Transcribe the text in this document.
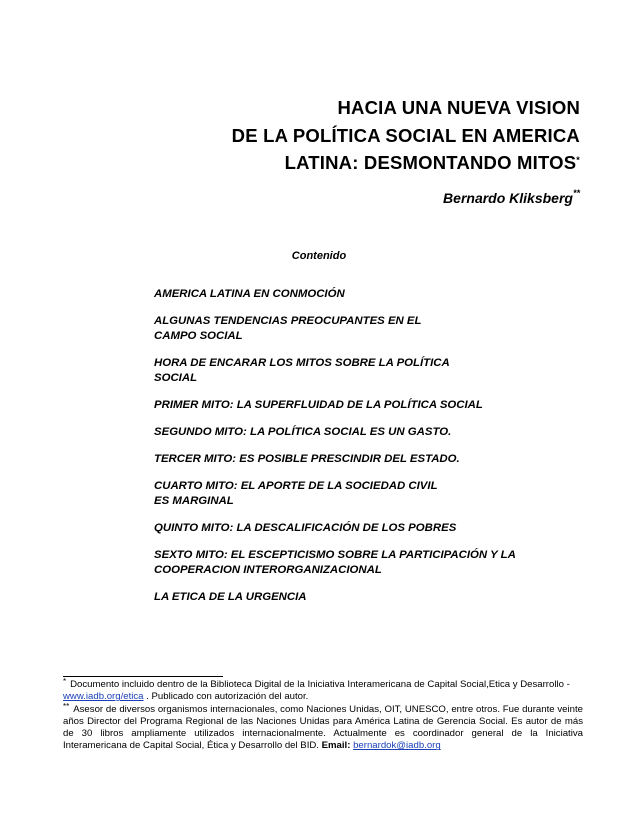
HACIA UNA NUEVA VISION
DE LA POLÍTICA SOCIAL EN AMERICA
LATINA: DESMONTANDO MITOS*
Bernardo Kliksberg**
Contenido
AMERICA LATINA EN CONMOCIÓN
ALGUNAS TENDENCIAS PREOCUPANTES EN EL
CAMPO SOCIAL
HORA DE ENCARAR LOS MITOS SOBRE LA POLÍTICA
SOCIAL
PRIMER MITO: LA SUPERFLUIDAD DE LA POLÍTICA SOCIAL
SEGUNDO MITO: LA POLÍTICA SOCIAL ES UN GASTO.
TERCER MITO: ES POSIBLE PRESCINDIR DEL ESTADO.
CUARTO MITO: EL APORTE DE LA SOCIEDAD CIVIL
ES MARGINAL
QUINTO MITO: LA DESCALIFICACIÓN DE LOS POBRES
SEXTO MITO: EL ESCEPTICISMO SOBRE LA PARTICIPACIÓN Y LA
COOPERACION INTERORGANIZACIONAL
LA ETICA DE LA URGENCIA

* Documento incluido dentro de la Biblioteca Digital de la Iniciativa Interamericana de Capital Social,Etica y Desarrollo - www.iadb.org/etica . Publicado con autorización del autor.

** Asesor de diversos organismos internacionales, como Naciones Unidas, OIT, UNESCO, entre otros. Fue durante veinte años Director del Programa Regional de las Naciones Unidas para América Latina de Gerencia Social. Es autor de más de 30 libros ampliamente utilizados internacionalmente. Actualmente es coordinador general de la Iniciativa Interamericana de Capital Social, Ética y Desarrollo del BID. Email: bernardok@iadb.org
